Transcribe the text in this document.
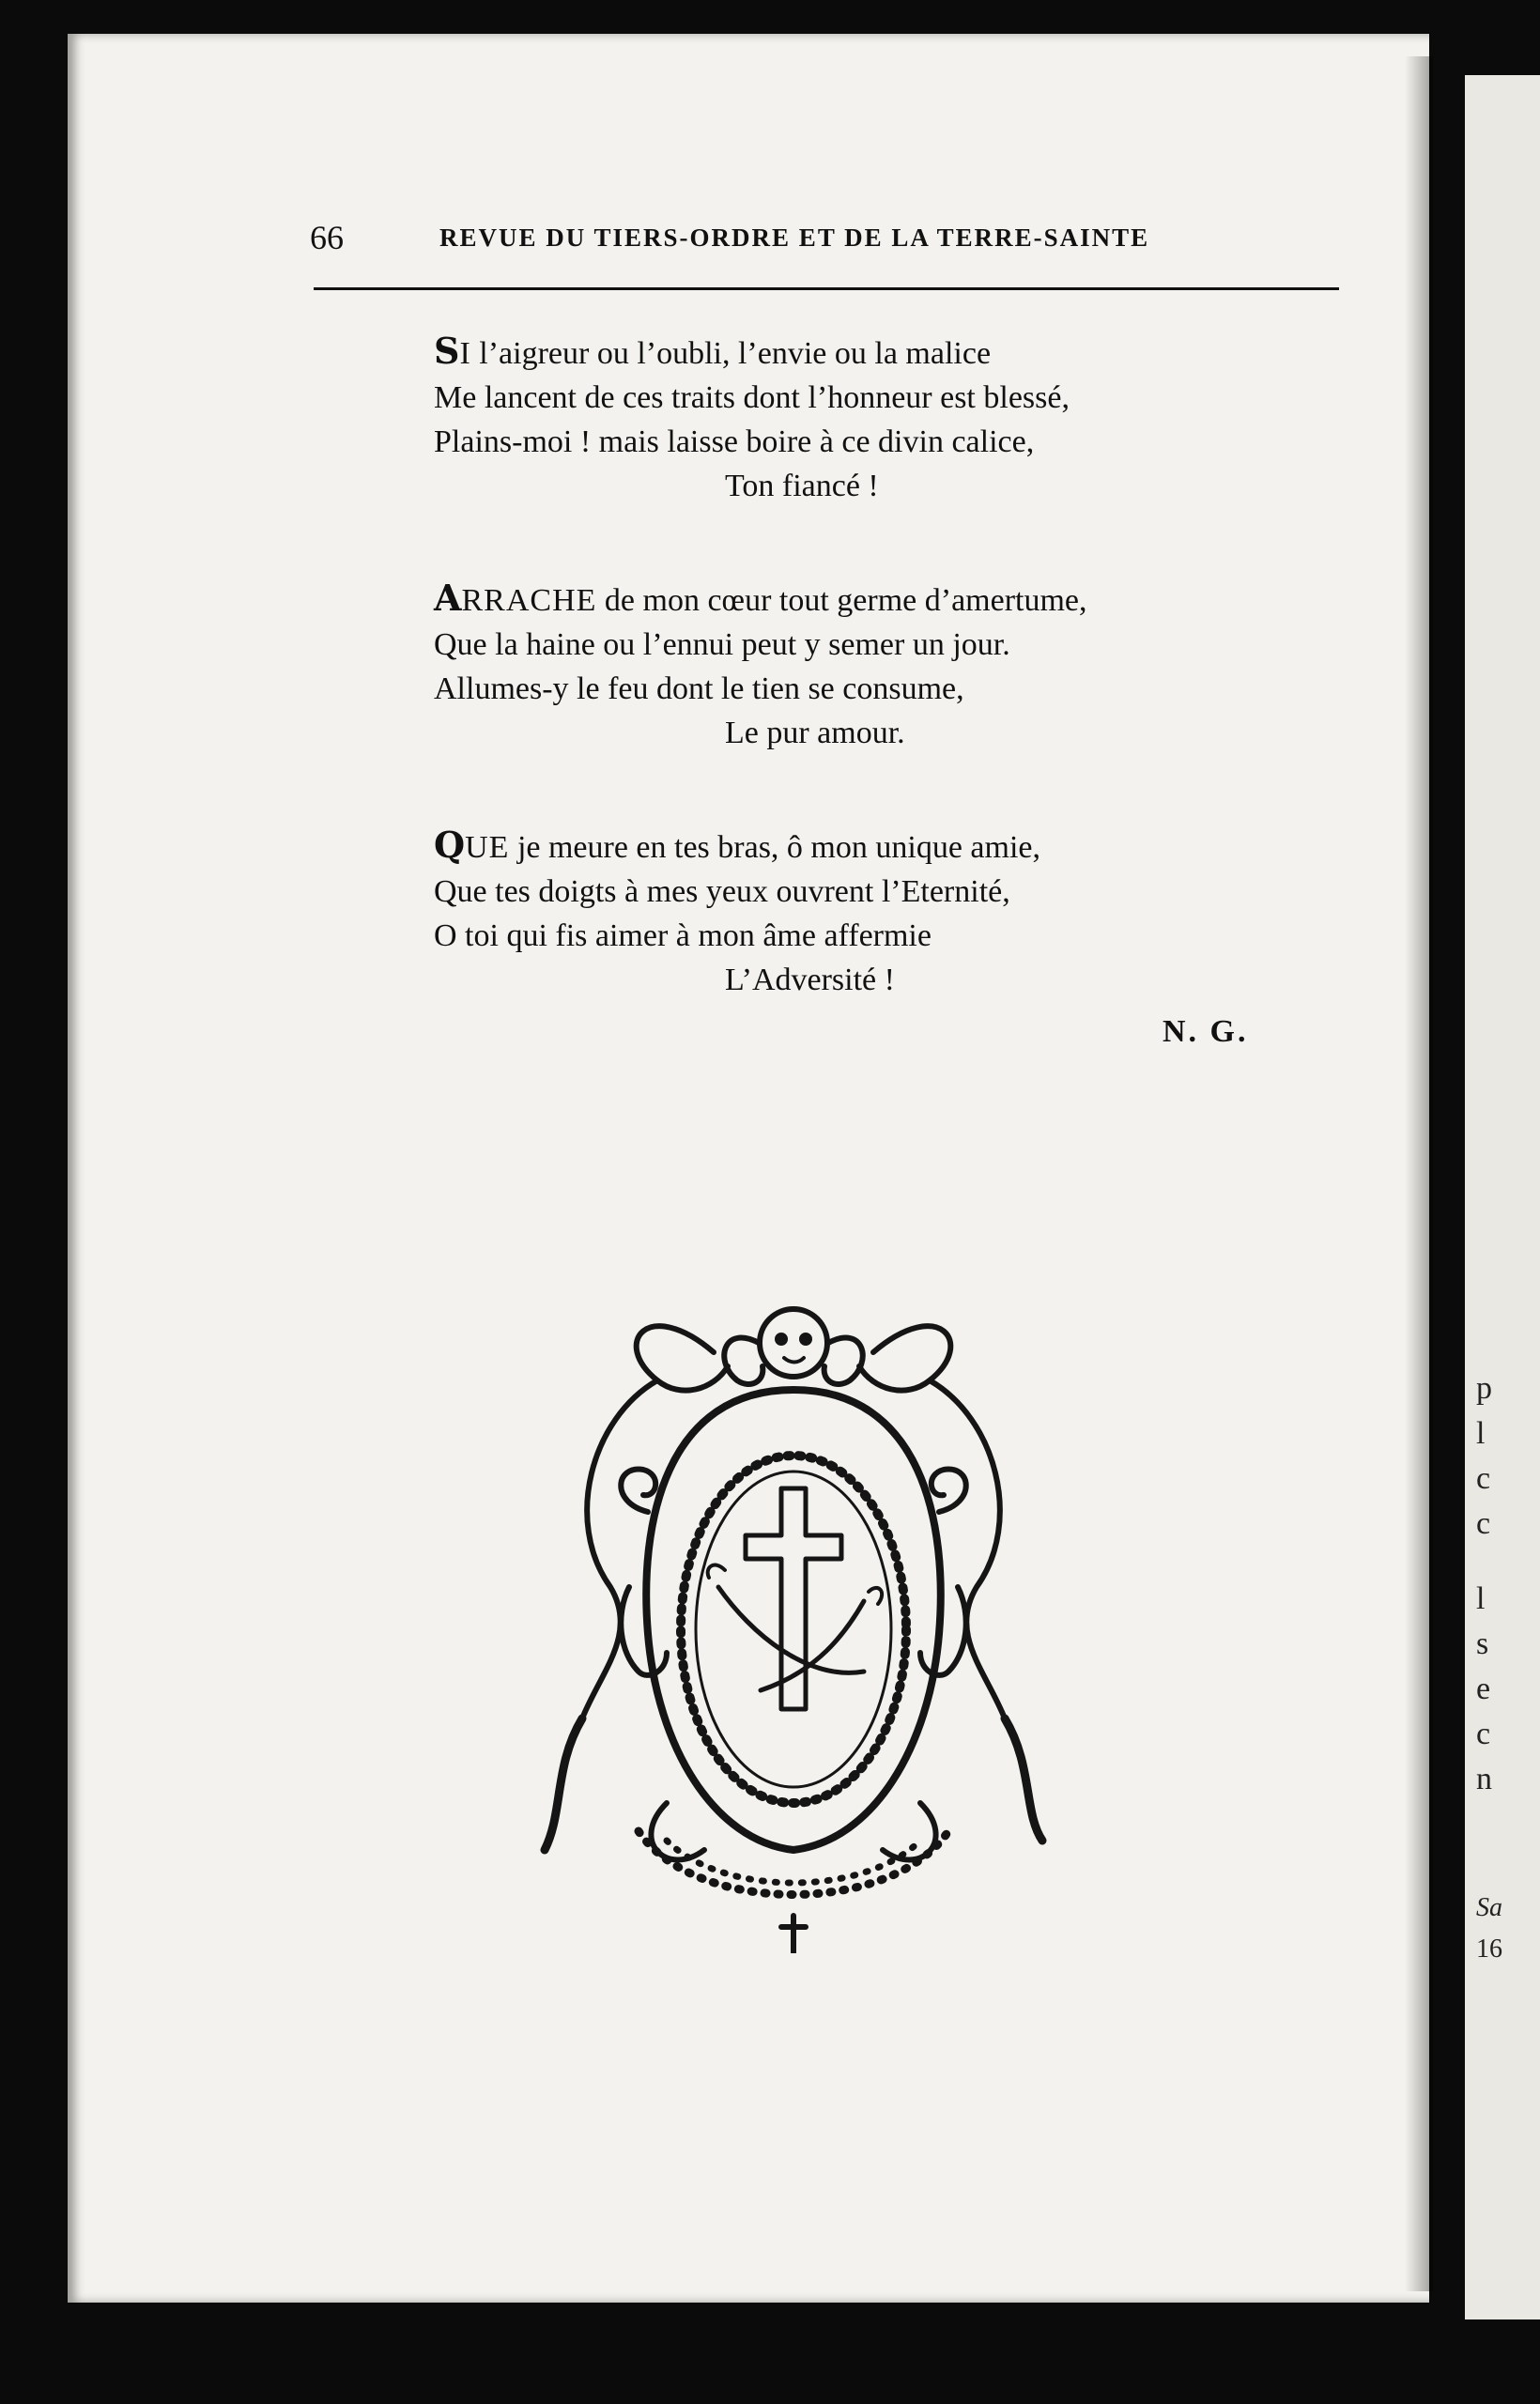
p
l
c
c
l
s
e
c
n
Sa
16
66	REVUE DU TIERS-ORDRE ET DE LA TERRE-SAINTE
SI l’aigreur ou l’oubli, l’envie ou la malice
Me lancent de ces traits dont l’honneur est blessé,
Plains-moi ! mais laisse boire à ce divin calice,
Ton fiancé !
ARRACHE de mon cœur tout germe d’amertume,
Que la haine ou l’ennui peut y semer un jour.
Allumes-y le feu dont le tien se consume,
Le pur amour.
QUE je meure en tes bras, ô mon unique amie,
Que tes doigts à mes yeux ouvrent l’Eternité,
O toi qui fis aimer à mon âme affermie
L’Adversité !
N. G.
